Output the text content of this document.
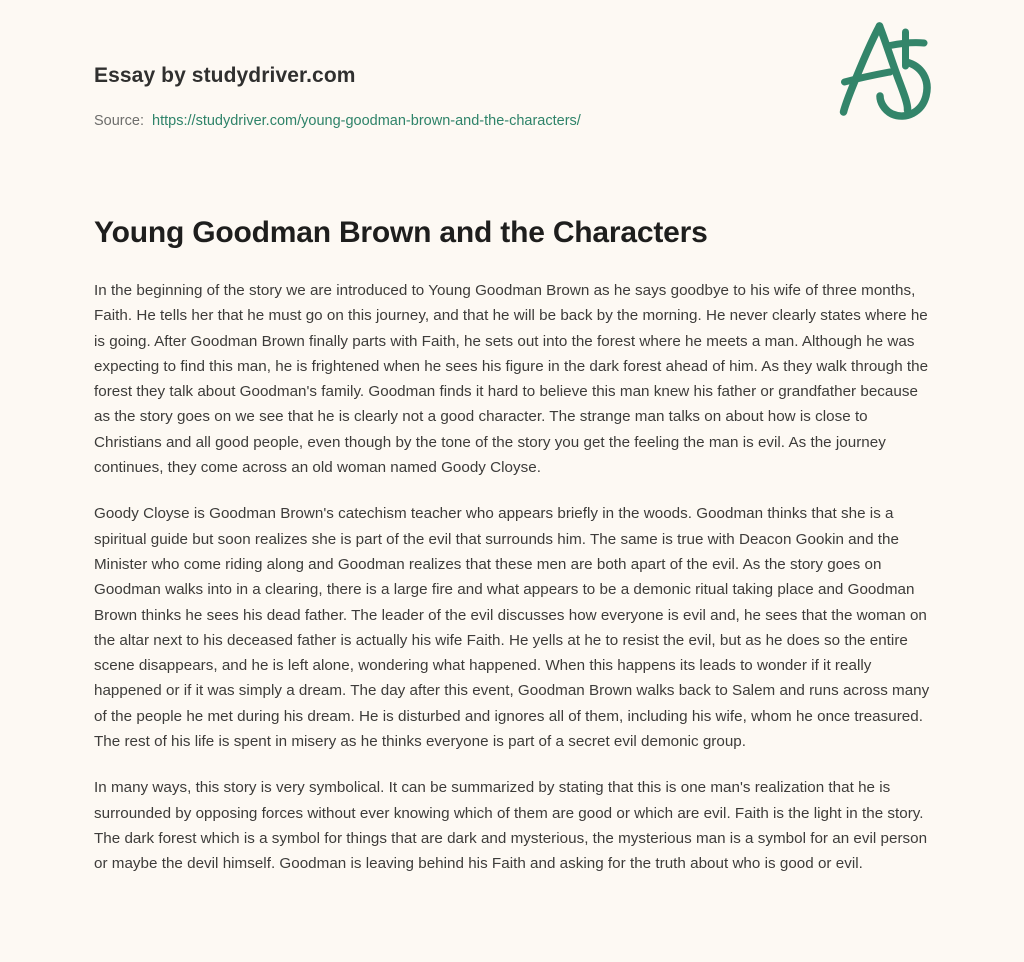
Essay by studydriver.com
Source: https://studydriver.com/young-goodman-brown-and-the-characters/
Young Goodman Brown and the Characters

In the beginning of the story we are introduced to Young Goodman Brown as he says goodbye to his wife of three months, Faith. He tells her that he must go on this journey, and that he will be back by the morning. He never clearly states where he is going. After Goodman Brown finally parts with Faith, he sets out into the forest where he meets a man. Although he was expecting to find this man, he is frightened when he sees his figure in the dark forest ahead of him. As they walk through the forest they talk about Goodman's family. Goodman finds it hard to believe this man knew his father or grandfather because as the story goes on we see that he is clearly not a good character. The strange man talks on about how is close to Christians and all good people, even though by the tone of the story you get the feeling the man is evil. As the journey continues, they come across an old woman named Goody Cloyse.

Goody Cloyse is Goodman Brown's catechism teacher who appears briefly in the woods. Goodman thinks that she is a spiritual guide but soon realizes she is part of the evil that surrounds him. The same is true with Deacon Gookin and the Minister who come riding along and Goodman realizes that these men are both apart of the evil. As the story goes on Goodman walks into in a clearing, there is a large fire and what appears to be a demonic ritual taking place and Goodman Brown thinks he sees his dead father. The leader of the evil discusses how everyone is evil and, he sees that the woman on the altar next to his deceased father is actually his wife Faith. He yells at he to resist the evil, but as he does so the entire scene disappears, and he is left alone, wondering what happened. When this happens its leads to wonder if it really happened or if it was simply a dream. The day after this event, Goodman Brown walks back to Salem and runs across many of the people he met during his dream. He is disturbed and ignores all of them, including his wife, whom he once treasured. The rest of his life is spent in misery as he thinks everyone is part of a secret evil demonic group.

In many ways, this story is very symbolical. It can be summarized by stating that this is one man's realization that he is surrounded by opposing forces without ever knowing which of them are good or which are evil. Faith is the light in the story. The dark forest which is a symbol for things that are dark and mysterious, the mysterious man is a symbol for an evil person or maybe the devil himself. Goodman is leaving behind his Faith and asking for the truth about who is good or evil.
